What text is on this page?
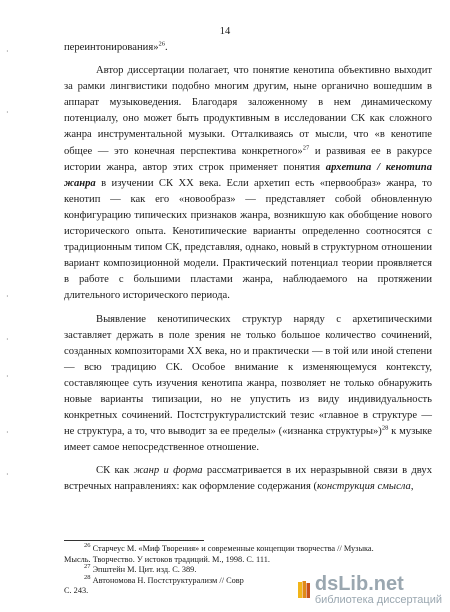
14
·
·
·
·
·
·
·

переинтонирования»$^{26}$.

Автор диссертации полагает, что понятие кенотипа объективно выходит за рамки лингвистики подобно многим другим, ныне органично вошедшим в аппарат музыковедения. Благодаря заложенному в нем динамическому потенциалу, оно может быть продуктивным в исследовании СК как сложного жанра инструментальной музыки. Отталкиваясь от мысли, что «в кенотипе общее — это конечная перспектива конкретного»$^{27}$ и развивая ее в ракурсе истории жанра, автор этих строк применяет понятия архетипа / кенотипа жанра в изучении СК XX века. Если архетип есть «первообраз» жанра, то кенотип — как его «новообраз» — представляет собой обновленную конфигурацию типических признаков жанра, возникшую как обобщение нового исторического опыта. Кенотипические варианты определенно соотносятся с традиционным типом СК, представляя, однако, новый в структурном отношении вариант композиционной модели. Практический потенциал теории проявляется в работе с большими пластами жанра, наблюдаемого на протяжении длительного исторического периода.

Выявление кенотипических структур наряду с архетипическими заставляет держать в поле зрения не только большое количество сочинений, созданных композиторами XX века, но и практически — в той или иной степени — всю традицию СК. Особое внимание к изменяющемуся контексту, составляющее суть изучения кенотипа жанра, позволяет не только обнаружить новые варианты типизации, но не упустить из виду индивидуальность конкретных сочинений. Постструктуралистский тезис «главное в структуре — не структура, а то, что выводит за ее пределы» («изнанка структуры»)$^{28}$ к музыке имеет самое непосредственное отношение.

СК как жанр и форма рассматривается в их неразрывной связи в двух встречных направлениях: как оформление содержания (конструкция смысла,

$^{26}$ Старчеус М. «Миф Творения» и современные концепции творчества // Музыка.

Мысль. Творчество. У истоков традиций. М., 1998. С. 111.

$^{27}$ Эпштейн М. Цит. изд. С. 389.

$^{28}$ Автономова Н. Постструктурализм // Совр

С. 243.	dsLib.net
библиотека диссертаций
